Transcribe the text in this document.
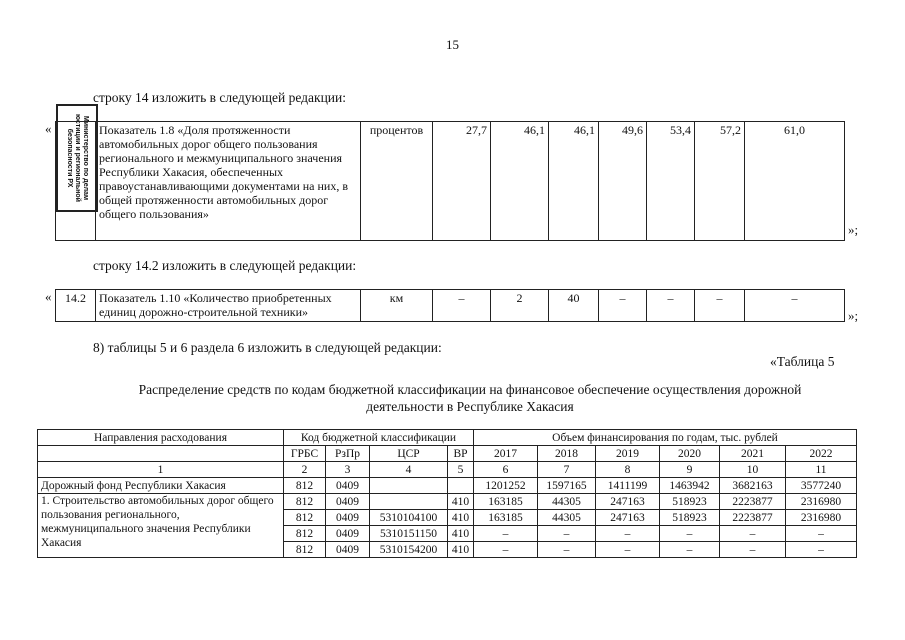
15
строку 14 изложить в следующей редакции:
Министерство по делам
юстиции и региональной
безопасности РХ
«
		Показатель 1.8 «Доля протяженности автомобильных дорог общего пользования регионального и межмуниципального значения Республики Хакасия, обеспеченных правоустанавливающими документами на них, в общей протяженности автомобильных дорог общего пользования»	процентов	27,7	46,1	46,1	49,6	53,4	57,2	61,0
»;
строку 14.2 изложить в следующей редакции:
« 14.2	Показатель 1.10 «Количество приобретенных единиц дорожно-строительной техники»	км	–	2	40	–	–	–	–
»;
8) таблицы 5 и 6 раздела 6 изложить в следующей редакции:
«Таблица 5
Распределение средств по кодам бюджетной классификации на финансовое обеспечение осуществления дорожной деятельности в Республике Хакасия
Направления расходования	Код бюджетной классификации				Объем финансирования по годам, тыс. рублей					
	ГРБС	РзПр	ЦСР	ВР	2017	2018	2019	2020	2021	2022
1	2	3	4	5	6	7	8	9	10	11
Дорожный фонд Республики Хакасия	812	0409			1201252	1597165	1411199	1463942	3682163	3577240
1. Строительство автомобильных дорог общего пользования регионального, межмуниципального значения Республики Хакасия	812	0409		410	163185	44305	247163	518923	2223877	2316980
	812	0409	5310104100	410	163185	44305	247163	518923	2223877	2316980
	812	0409	5310151150	410	–	–	–	–	–	–
	812	0409	5310154200	410	–	–	–	–	–	–
